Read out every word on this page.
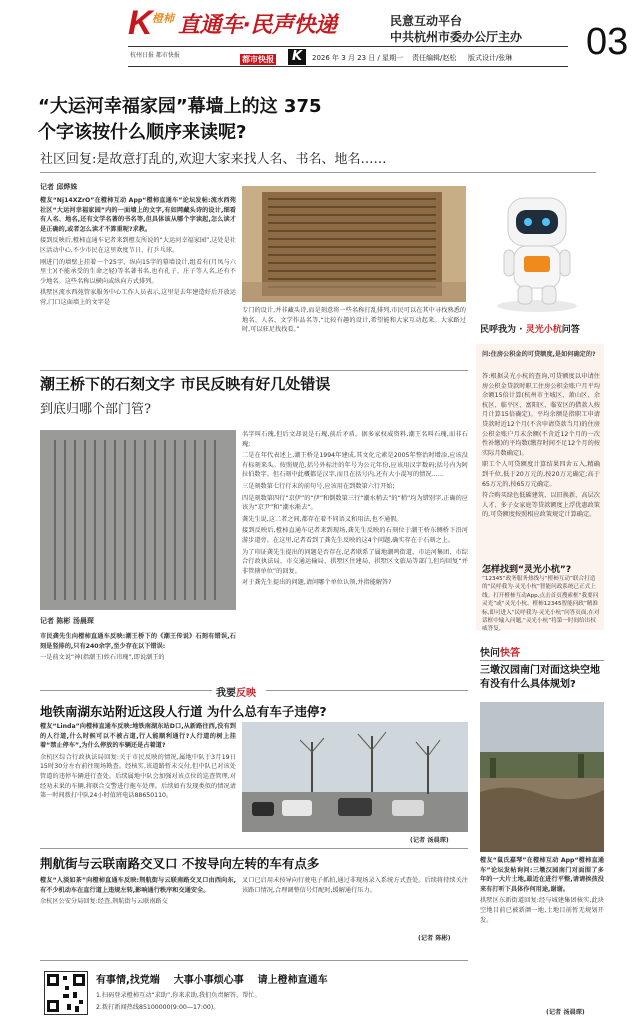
K 橙柿 直通车·民声快递	民意互动平台
中共杭州市委办公厅主办 03
杭州日报 都市快报	都市快报	K	2026 年 3 月 23 日 / 星期一 责任编辑/赵松 版式设计/张琳
“大运河幸福家园”幕墙上的这 375 个字该按什么顺序来读呢?
社区回复:是故意打乱的,欢迎大家来找人名、书名、地名……
记者 邱烨姝

橙友“Nj14XZrO”在橙柿互动 App“橙柿直通车”论坛发帖:流水西苑社区“大运河幸福家园”内的一面墙上的文字,有如网藏头诗的设计,细看有人名、地名,还有文学名著的书名等,但具体该从哪个字读起,怎么读才是正确的,或者怎么读才不算重呢?求教。

接到反映后,橙柿直通车记者来到橙友所说的“大运河幸福家园”,这处是社区活动中心,不少市民在这里欢度节日、打乒乓球。

刚进门的墙壁上挂着一个25字、纵向15字的幕墙设计,组看有(月凤与六里土)(不能承受的生命之轻)等名著书名,也有孔子、庄子等人名,还有不少地名。这些名称以横向或纵向方式排列。

拱墅区流水西苑管家服务中心工作人员表示,这里是去年建造好后开放运营,门口这面墙上的文字是

专门的设计,并非藏头诗,而是刻意将一些名称打乱排列,市民可以在其中寻找熟悉的地名、人名、文学作品名等,“比较有趣的设计,希望能和大家互动起来。大家路过时,可以驻足找找看。”	民呼我为 · 灵光小杭问答
问:住房公积金的可贷额度,是如何确定的?

答:根据灵光小杭的查询,可贷额度以申请住房公积金贷款时职工住房公积金账户月平均余额15倍计算(杭州市主城区、萧山区、余杭区、临平区、富阳区、临安区的借款人按月计算15倍确定)。平均余额是指职工申请贷款时近12个月(不含申请贷款当月)的住房公积金账户月末余额(不含近12个月的一次性补缴)的平均数(缴存时间不足12个月的按实际月数确定)。

职工个人可贷额度计算结果四舍五入,精确到千位,低于20万元的,按20万元确定;高于65万元的,按65万元确定。

符合购买绿色低碳建筑、以旧换新、高层次人才、多子女家庭等贷款额度上浮优惠政策的,可贷额度按照相应政策规定计算确定。

怎样找到“灵光小杭”?
“12345”政务服务热线与“橙柿互动”联合打造的“民呼我为·灵光小杭”智能问政系统已正式上线。打开橙柿互动App,点击首页搜索框“我要问灵光”或“灵光小杭、橙柿12345智能问政”精准标,即可进入“民呼我为·灵光小杭”问答页面,在对话框中输入问题,“灵光小杭”将第一时间给出权威答复。
潮王桥下的石刻文字 市民反映有好几处错误
到底归哪个部门管?
记者 陈彬 汤晨琛

市民龚先生向橙柿直通车反映:潮王桥下的《潮王传说》石刻有错误,石刻是竖排的,只有240余字,至少存在以下错误:

一是前文说“神(指潮王)姓石讳瑰”,即说潮王的

名字叫石瑰,但后文却说是石瑰,前后矛盾。据多家权威资料,潮王名叫石瑰,而非石瑰;

二是在年代表述上,潮王桥是1994年建成,其文化元素是2005年整治时增添,应该没有标刻来头。按照规范,括号外标注的年号为公元年份,应该用汉字数码;括号内为阿拉伯数字。但石刻中此概都是汉字,而且在括号内,还有大小混写的情况……

三是刻数第七行行末的前句号,应该用在到数第六行开始;

四是刻数第四行“京伊”的“伊”和倒数第三行“潮水稍去”的“稍”均为错别字,正确的应该为“京尹”和“潮水渐去”。

龚先生说,这二者之间,都存在着不同语义和用法,也不通假。

接到反映后,橙柿直通车记者来到现场,龚先生反映的石刻位于潮王桥东侧桥下沿河游步道旁。在这里,记者看到了龚先生反映的这4个问题,确实存在于石刻之上。

为了印证龚先生提出的问题是否存在,记者联系了属地潮鸣街道、市运河集团、市综合行政执法局、市交通运输局、拱墅区住建局、拱墅区文旅局等部门,但均回复“并非管辖单位”的回复。

对于龚先生提出的问题,请问哪个单位认领,并指能解答?

我要反映
地铁南湖东站附近这段人行道 为什么总有车子违停?

橙友“Linda”向橙柿直通车反映:地铁南湖东站D口,从新路往西,没有到的人行道,什么时候可以不被占道,行人能顺利通行?人行道的树上挂着“禁止停车”,为什么停放的车辆还是占着道?

余杭区综合行政执法局回复:关于市民反映的情况,属地中队于3月19日15时30分左右前往现场勘查。经核实,该道路暂未交付,但中队已对该处管道的违停车辆进行查处。后续属地中队会加强对该点位的巡查管理,对经劝未果的车辆,将联合交警进行拖车处理。后续如有发现类似的情况请第一时间拨打中队24小时值班电话88650110。

(记者 汤晨琛)
荆航街与云联南路交叉口 不按导向左转的车有点多

橙友“人淡如茶”向橙柿直通车反映:荆航街与云联南路交叉口由西向东,有不少机动车在直行道上违规左转,影响通行秩序和交通安全。

余杭区公安分局回复:经查,荆航街与云联南路交

叉口已启用未按导向行驶电子抓拍,通过非现场录入系统方式查处。后续将持续关注该路口情况,合理调整信号灯配时,缓解通行压力。

(记者 陈彬)
快问快答
三墩汉园南门对面这块空地有没有什么具体规划?

橙友“鼠氏嘉琴”在橙柿互动 App“橙柿直通车”论坛发帖询问:三墩汉园南门对面围了多年的一大片土地,最近在进行平整,请请挨孩没来有打听下具体作何用途,谢谢。

拱墅区东新街道回复:经与城建集团核实,此块空地目前已被新颜一地,土地目前暂无规划开发。

(记者 汤晨琛)
有事情,找党端    大事小事烦心事    请上橙柿直通车
1.扫码登录橙柿互动“求助”,你来求助,我们负责解答、帮忙。
2.拨打新闻热线85100000(9:00—17:00)。
